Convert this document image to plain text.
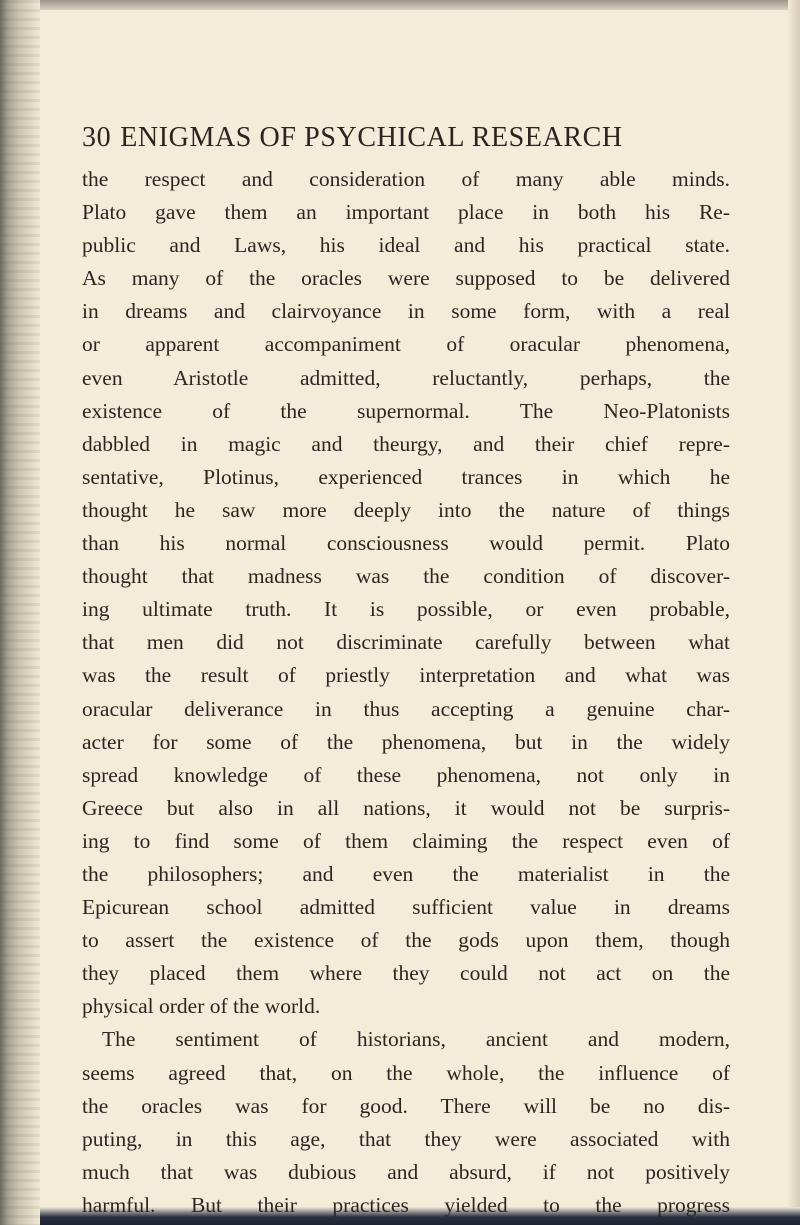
30 ENIGMAS OF PSYCHICAL RESEARCH
the respect and consideration of many able minds.
Plato gave them an important place in both his Re-
public and Laws, his ideal and his practical state.
As many of the oracles were supposed to be delivered
in dreams and clairvoyance in some form, with a real
or apparent accompaniment of oracular phenomena,
even Aristotle admitted, reluctantly, perhaps, the
existence of the supernormal. The Neo-Platonists
dabbled in magic and theurgy, and their chief repre-
sentative, Plotinus, experienced trances in which he
thought he saw more deeply into the nature of things
than his normal consciousness would permit. Plato
thought that madness was the condition of discover-
ing ultimate truth. It is possible, or even probable,
that men did not discriminate carefully between what
was the result of priestly interpretation and what was
oracular deliverance in thus accepting a genuine char-
acter for some of the phenomena, but in the widely
spread knowledge of these phenomena, not only in
Greece but also in all nations, it would not be surpris-
ing to find some of them claiming the respect even of
the philosophers; and even the materialist in the
Epicurean school admitted sufficient value in dreams
to assert the existence of the gods upon them, though
they placed them where they could not act on the
physical order of the world.
The sentiment of historians, ancient and modern,
seems agreed that, on the whole, the influence of
the oracles was for good. There will be no dis-
puting, in this age, that they were associated with
much that was dubious and absurd, if not positively
harmful. But their practices yielded to the progress
